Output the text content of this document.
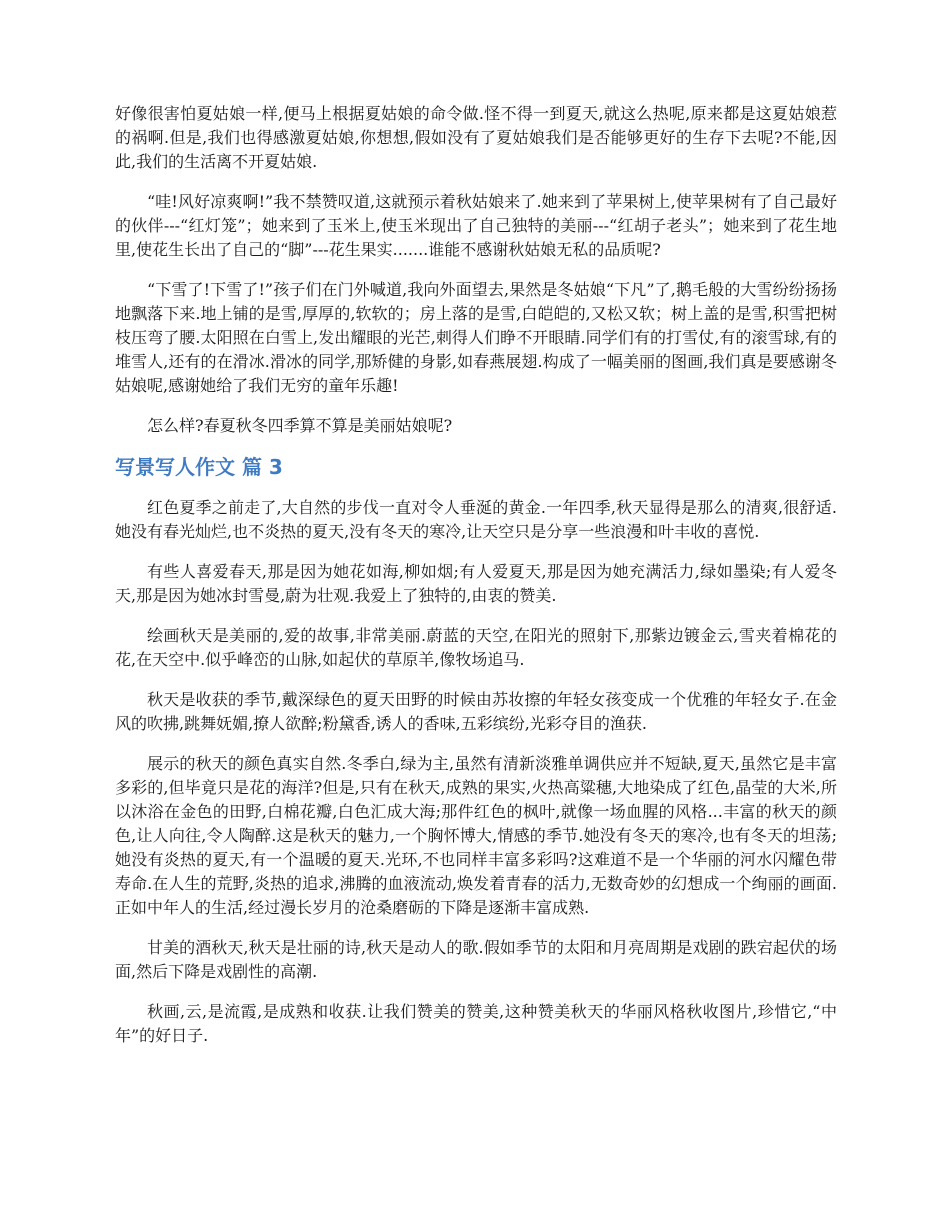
好像很害怕夏姑娘一样,便马上根据夏姑娘的命令做.怪不得一到夏天,就这么热呢,原来都是这夏姑娘惹的祸啊.但是,我们也得感激夏姑娘,你想想,假如没有了夏姑娘我们是否能够更好的生存下去呢?不能,因此,我们的生活离不开夏姑娘.

“哇!风好凉爽啊!”我不禁赞叹道,这就预示着秋姑娘来了.她来到了苹果树上,使苹果树有了自己最好的伙伴---“红灯笼”；她来到了玉米上,使玉米现出了自己独特的美丽---“红胡子老头”；她来到了花生地里,使花生长出了自己的“脚”---花生果实.......谁能不感谢秋姑娘无私的品质呢?

“下雪了!下雪了!”孩子们在门外喊道,我向外面望去,果然是冬姑娘“下凡”了,鹅毛般的大雪纷纷扬扬地飘落下来.地上铺的是雪,厚厚的,软软的；房上落的是雪,白皑皑的,又松又软；树上盖的是雪,积雪把树枝压弯了腰.太阳照在白雪上,发出耀眼的光芒,刺得人们睁不开眼睛.同学们有的打雪仗,有的滚雪球,有的堆雪人,还有的在滑冰.滑冰的同学,那矫健的身影,如春燕展翅.构成了一幅美丽的图画,我们真是要感谢冬姑娘呢,感谢她给了我们无穷的童年乐趣!

怎么样?春夏秋冬四季算不算是美丽姑娘呢?

写景写人作文 篇 3

红色夏季之前走了,大自然的步伐一直对令人垂涎的黄金.一年四季,秋天显得是那么的清爽,很舒适.她没有春光灿烂,也不炎热的夏天,没有冬天的寒冷,让天空只是分享一些浪漫和叶丰收的喜悦.

有些人喜爱春天,那是因为她花如海,柳如烟;有人爱夏天,那是因为她充满活力,绿如墨染;有人爱冬天,那是因为她冰封雪曼,蔚为壮观.我爱上了独特的,由衷的赞美.

绘画秋天是美丽的,爱的故事,非常美丽.蔚蓝的天空,在阳光的照射下,那紫边镀金云,雪夹着棉花的花,在天空中.似乎峰峦的山脉,如起伏的草原羊,像牧场追马.

秋天是收获的季节,戴深绿色的夏天田野的时候由苏妆擦的年轻女孩变成一个优雅的年轻女子.在金风的吹拂,跳舞妩媚,撩人欲醉;粉黛香,诱人的香味,五彩缤纷,光彩夺目的渔获.

展示的秋天的颜色真实自然.冬季白,绿为主,虽然有清新淡雅单调供应并不短缺,夏天,虽然它是丰富多彩的,但毕竟只是花的海洋?但是,只有在秋天,成熟的果实,火热高粱穗,大地染成了红色,晶莹的大米,所以沐浴在金色的田野,白棉花瓣,白色汇成大海;那件红色的枫叶,就像一场血腥的风格...丰富的秋天的颜色,让人向往,令人陶醉.这是秋天的魅力,一个胸怀博大,情感的季节.她没有冬天的寒冷,也有冬天的坦荡;她没有炎热的夏天,有一个温暖的夏天.光环,不也同样丰富多彩吗?这难道不是一个华丽的河水闪耀色带寿命.在人生的荒野,炎热的追求,沸腾的血液流动,焕发着青春的活力,无数奇妙的幻想成一个绚丽的画面.正如中年人的生活,经过漫长岁月的沧桑磨砺的下降是逐渐丰富成熟.

甘美的酒秋天,秋天是壮丽的诗,秋天是动人的歌.假如季节的太阳和月亮周期是戏剧的跌宕起伏的场面,然后下降是戏剧性的高潮.

秋画,云,是流霞,是成熟和收获.让我们赞美的赞美,这种赞美秋天的华丽风格秋收图片,珍惜它,“中年”的好日子.
